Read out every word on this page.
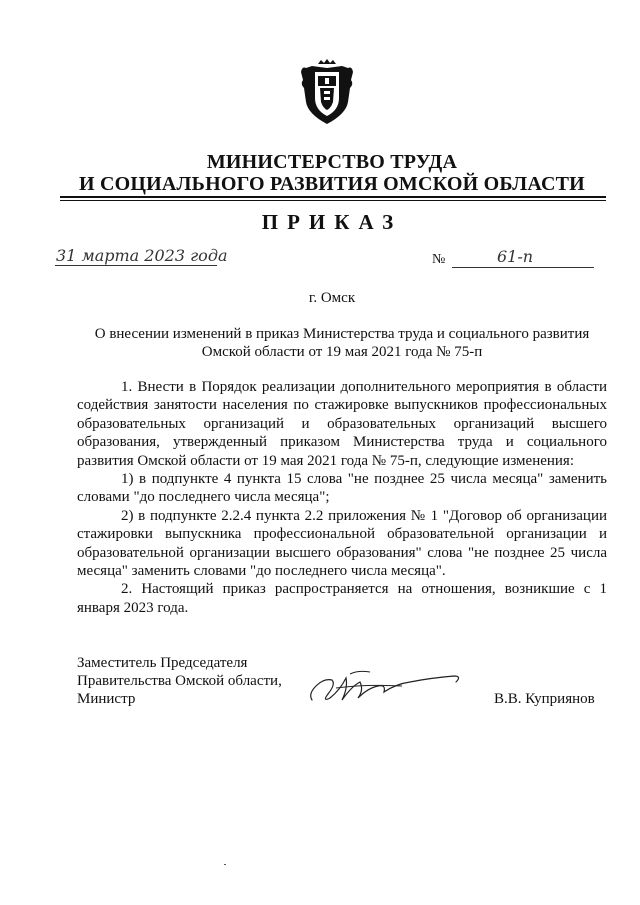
МИНИСТЕРСТВО ТРУДА
И СОЦИАЛЬНОГО РАЗВИТИЯ ОМСКОЙ ОБЛАСТИ
ПРИКАЗ
31 марта 2023 года	№	61-п
г. Омск
О внесении изменений в приказ Министерства труда и социального развития Омской области от 19 мая 2021 года № 75-п

1. Внести в Порядок реализации дополнительного мероприятия в области содействия занятости населения по стажировке выпускников профессиональных образовательных организаций и образовательных организаций высшего образования, утвержденный приказом Министерства труда и социального развития Омской области от 19 мая 2021 года № 75-п, следующие изменения:

1) в подпункте 4 пункта 15 слова "не позднее 25 числа месяца" заменить словами "до последнего числа месяца";

2) в подпункте 2.2.4 пункта 2.2 приложения № 1 "Договор об организации стажировки выпускника профессиональной образовательной организации и образовательной организации высшего образования" слова "не позднее 25 числа месяца" заменить словами "до последнего числа месяца".

2. Настоящий приказ распространяется на отношения, возникшие с 1 января 2023 года.

Заместитель Председателя
Правительства Омской области,
Министр	В.В. Куприянов
